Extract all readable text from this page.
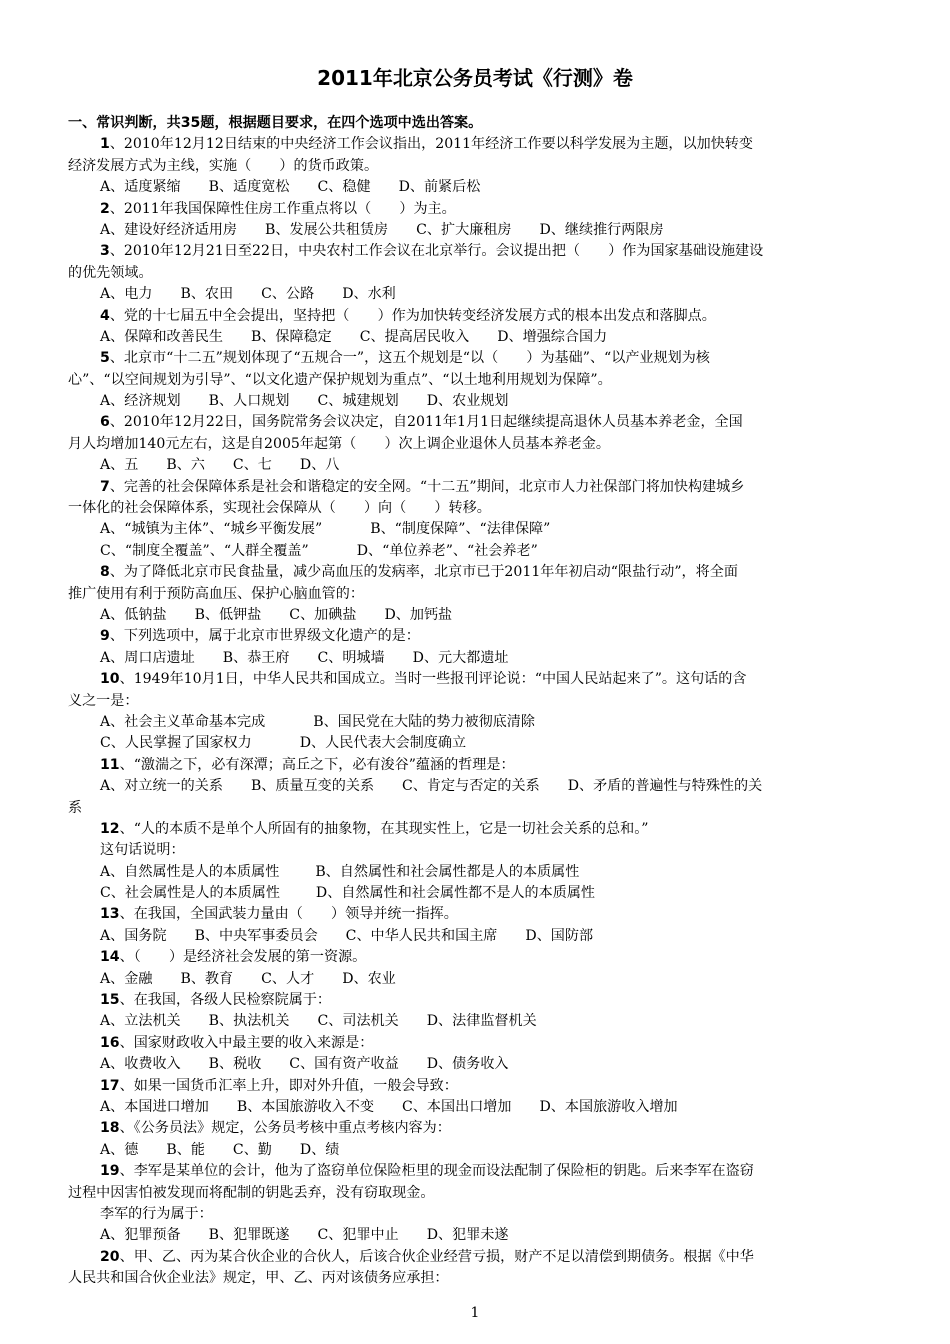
2011年北京公务员考试《行测》卷
一、常识判断，共35题，根据题目要求，在四个选项中选出答案。
1、2010年12月12日结束的中央经济工作会议指出，2011年经济工作要以科学发展为主题，以加快转变
经济发展方式为主线，实施（　　）的货币政策。
A、适度紧缩 B、适度宽松 C、稳健 D、前紧后松
2、2011年我国保障性住房工作重点将以（　　）为主。
A、建设好经济适用房 B、发展公共租赁房 C、扩大廉租房 D、继续推行两限房
3、2010年12月21日至22日，中央农村工作会议在北京举行。会议提出把（　　）作为国家基础设施建设
的优先领域。
A、电力 B、农田 C、公路 D、水利
4、党的十七届五中全会提出，坚持把（　　）作为加快转变经济发展方式的根本出发点和落脚点。
A、保障和改善民生 B、保障稳定 C、提高居民收入 D、增强综合国力
5、北京市“十二五”规划体现了“五规合一”，这五个规划是“以（　　）为基础”、“以产业规划为核
心”、“以空间规划为引导”、“以文化遗产保护规划为重点”、“以土地利用规划为保障”。
A、经济规划 B、人口规划 C、城建规划 D、农业规划
6、2010年12月22日，国务院常务会议决定，自2011年1月1日起继续提高退休人员基本养老金，全国
月人均增加140元左右，这是自2005年起第（　　）次上调企业退休人员基本养老金。
A、五 B、六 C、七 D、八
7、完善的社会保障体系是社会和谐稳定的安全网。“十二五”期间，北京市人力社保部门将加快构建城乡
一体化的社会保障体系，实现社会保障从（　　）向（　　）转移。
A、“城镇为主体”、“城乡平衡发展”	B、“制度保障”、“法律保障”
C、“制度全覆盖”、“人群全覆盖”	D、“单位养老”、“社会养老”
8、为了降低北京市民食盐量，减少高血压的发病率，北京市已于2011年年初启动“限盐行动”，将全面
推广使用有利于预防高血压、保护心脑血管的：
A、低钠盐 B、低钾盐 C、加碘盐 D、加钙盐
9、下列选项中，属于北京市世界级文化遗产的是：
A、周口店遗址 B、恭王府 C、明城墙 D、元大都遗址
10、1949年10月1日，中华人民共和国成立。当时一些报刊评论说：“中国人民站起来了”。这句话的含
义之一是：
A、社会主义革命基本完成	B、国民党在大陆的势力被彻底清除
C、人民掌握了国家权力	D、人民代表大会制度确立
11、“激湍之下，必有深潭；高丘之下，必有浚谷”蕴涵的哲理是：
A、对立统一的关系 B、质量互变的关系 C、肯定与否定的关系 D、矛盾的普遍性与特殊性的关
系
12、“人的本质不是单个人所固有的抽象物，在其现实性上，它是一切社会关系的总和。”
这句话说明：
A、自然属性是人的本质属性	B、自然属性和社会属性都是人的本质属性
C、社会属性是人的本质属性	D、自然属性和社会属性都不是人的本质属性
13、在我国，全国武装力量由（　　）领导并统一指挥。
A、国务院 B、中央军事委员会 C、中华人民共和国主席 D、国防部
14、（　　）是经济社会发展的第一资源。
A、金融 B、教育 C、人才 D、农业
15、在我国，各级人民检察院属于：
A、立法机关 B、执法机关 C、司法机关 D、法律监督机关
16、国家财政收入中最主要的收入来源是：
A、收费收入 B、税收 C、国有资产收益 D、债务收入
17、如果一国货币汇率上升，即对外升值，一般会导致：
A、本国进口增加 B、本国旅游收入不变 C、本国出口增加 D、本国旅游收入增加
18、《公务员法》规定，公务员考核中重点考核内容为：
A、德 B、能 C、勤 D、绩
19、李军是某单位的会计，他为了盗窃单位保险柜里的现金而设法配制了保险柜的钥匙。后来李军在盗窃
过程中因害怕被发现而将配制的钥匙丢弃，没有窃取现金。
李军的行为属于：
A、犯罪预备 B、犯罪既遂 C、犯罪中止 D、犯罪未遂
20、甲、乙、丙为某合伙企业的合伙人，后该合伙企业经营亏损，财产不足以清偿到期债务。根据《中华
人民共和国合伙企业法》规定，甲、乙、丙对该债务应承担：
1
